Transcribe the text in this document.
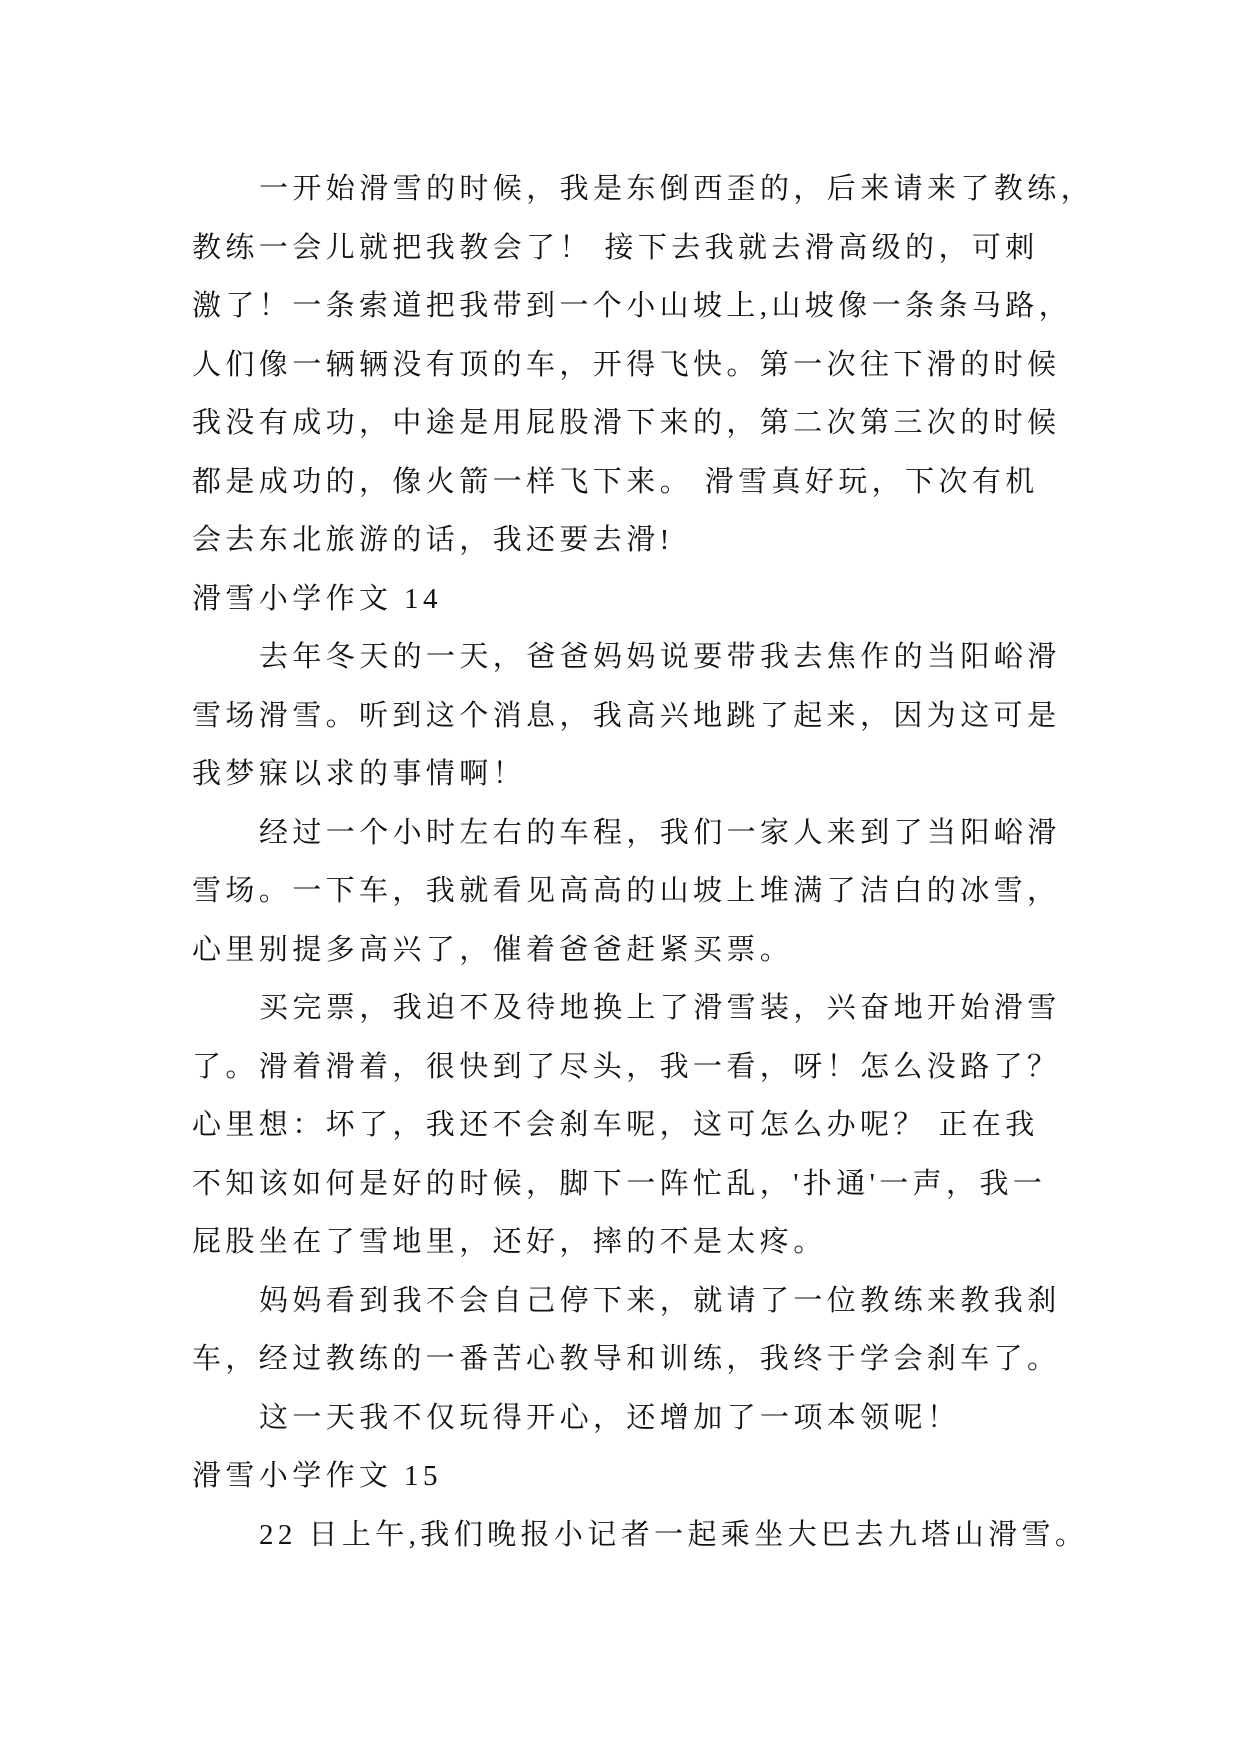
一开始滑雪的时候，我是东倒西歪的，后来请来了教练，
教练一会儿就把我教会了！ 接下去我就去滑高级的，可刺
激了！一条索道把我带到一个小山坡上,山坡像一条条马路，
人们像一辆辆没有顶的车，开得飞快。第一次往下滑的时候
我没有成功，中途是用屁股滑下来的，第二次第三次的时候
都是成功的，像火箭一样飞下来。 滑雪真好玩，下次有机
会去东北旅游的话，我还要去滑!
滑雪小学作文 14
去年冬天的一天，爸爸妈妈说要带我去焦作的当阳峪滑
雪场滑雪。听到这个消息，我高兴地跳了起来，因为这可是
我梦寐以求的事情啊！
经过一个小时左右的车程，我们一家人来到了当阳峪滑
雪场。一下车，我就看见高高的山坡上堆满了洁白的冰雪，
心里别提多高兴了，催着爸爸赶紧买票。
买完票，我迫不及待地换上了滑雪装，兴奋地开始滑雪
了。滑着滑着，很快到了尽头，我一看，呀！怎么没路了？
心里想：坏了，我还不会刹车呢，这可怎么办呢？ 正在我
不知该如何是好的时候，脚下一阵忙乱，'扑通'一声，我一
屁股坐在了雪地里，还好，摔的不是太疼。
妈妈看到我不会自己停下来，就请了一位教练来教我刹
车，经过教练的一番苦心教导和训练，我终于学会刹车了。
这一天我不仅玩得开心，还增加了一项本领呢！
滑雪小学作文 15
22 日上午,我们晚报小记者一起乘坐大巴去九塔山滑雪。
